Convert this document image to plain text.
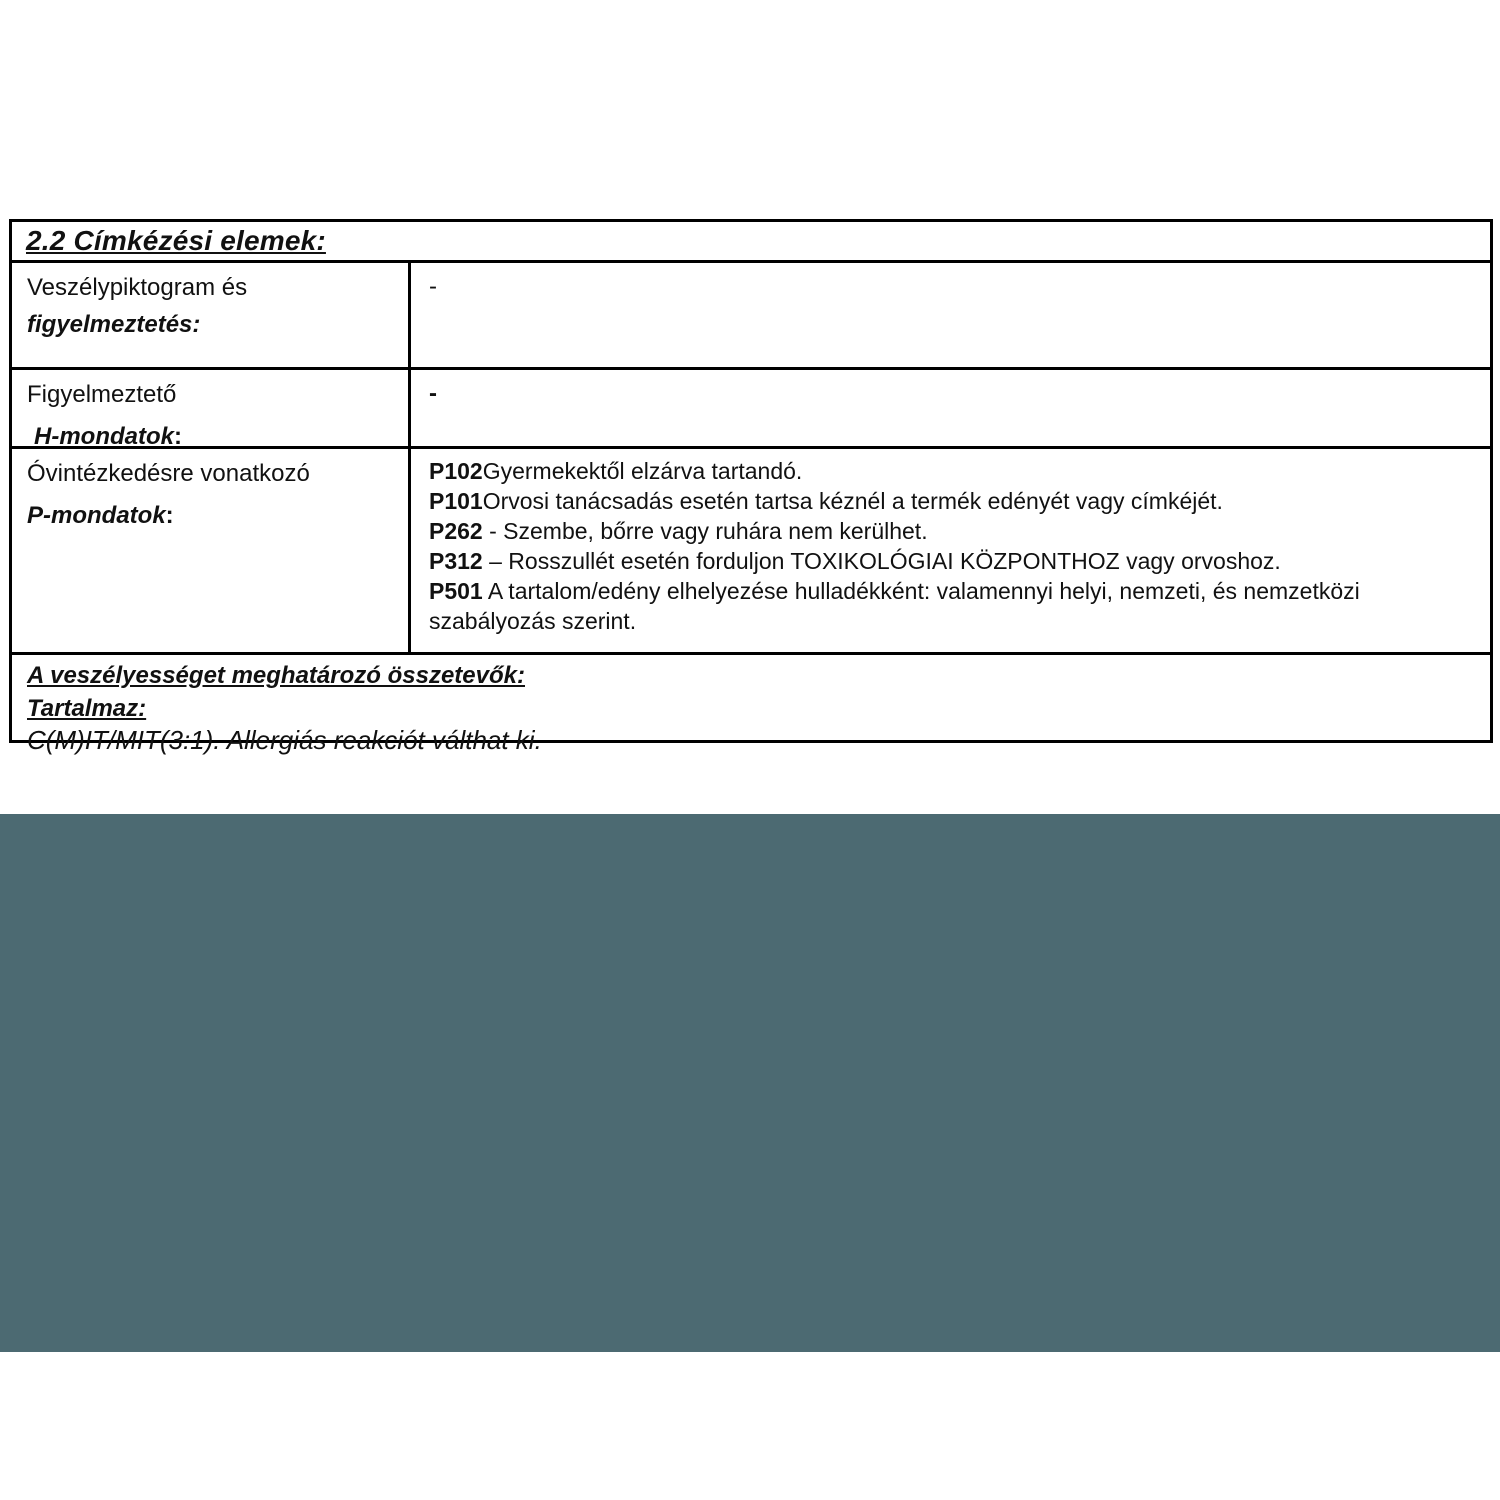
2.2 Címkézési elemek:
Veszélypiktogram és
figyelmeztetés:
-
Figyelmeztető
H-mondatok:
-
Óvintézkedésre vonatkozó
P-mondatok:
P102Gyermekektől elzárva tartandó.
P101Orvosi tanácsadás esetén tartsa kéznél a termék edényét vagy címkéjét.
P262 - Szembe, bőrre vagy ruhára nem kerülhet.
P312 – Rosszullét esetén forduljon TOXIKOLÓGIAI KÖZPONTHOZ vagy orvoshoz.
P501 A tartalom/edény elhelyezése hulladékként: valamennyi helyi, nemzeti, és nemzetközi szabályozás szerint.
A veszélyességet meghatározó összetevők:
Tartalmaz:
C(M)IT/MIT(3:1). Allergiás reakciót válthat ki.
